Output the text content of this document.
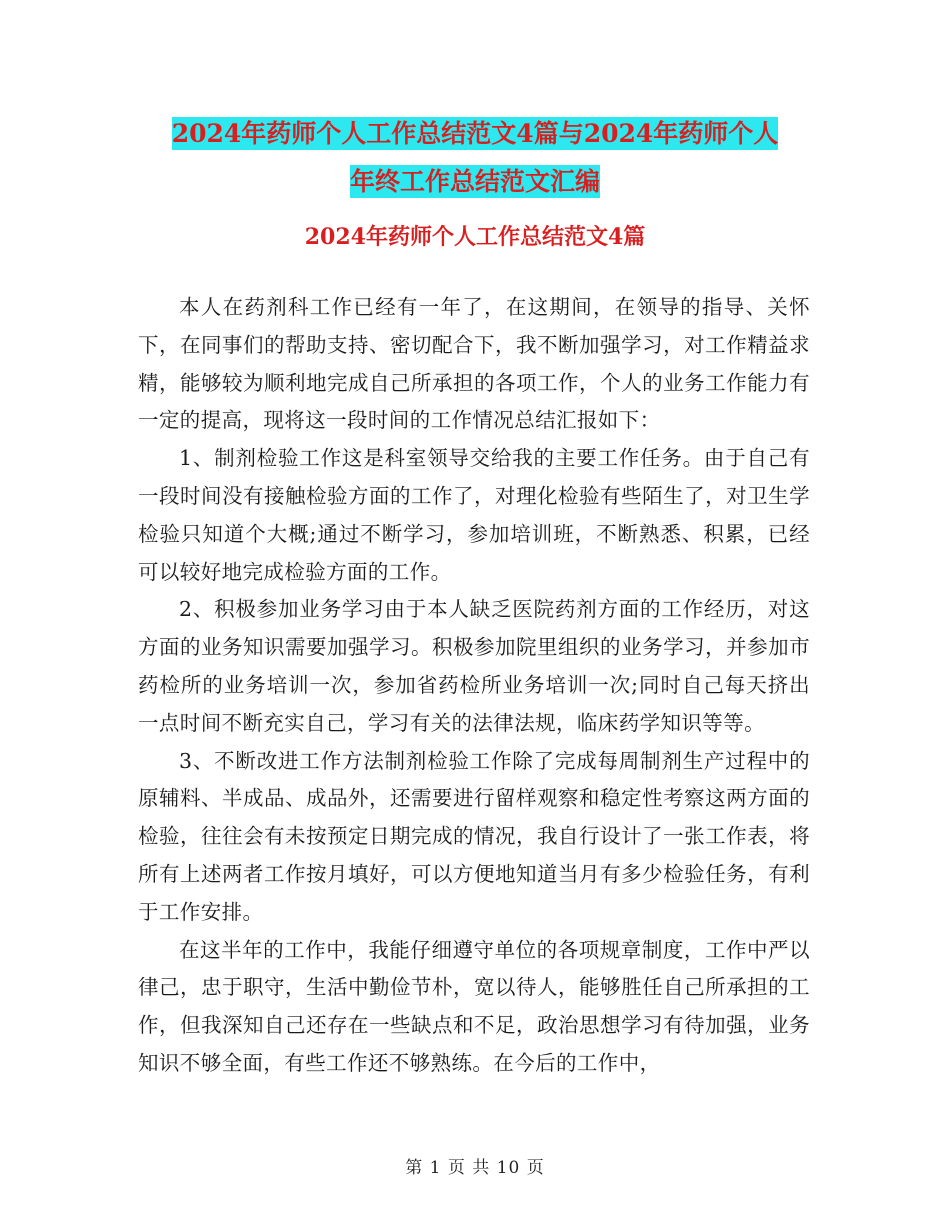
2024年药师个人工作总结范文4篇与2024年药师个人
年终工作总结范文汇编
2024年药师个人工作总结范文4篇

本人在药剂科工作已经有一年了，在这期间，在领导的指导、关怀下，在同事们的帮助支持、密切配合下，我不断加强学习，对工作精益求精，能够较为顺利地完成自己所承担的各项工作，个人的业务工作能力有一定的提高，现将这一段时间的工作情况总结汇报如下：

1、制剂检验工作这是科室领导交给我的主要工作任务。由于自己有一段时间没有接触检验方面的工作了，对理化检验有些陌生了，对卫生学检验只知道个大概;通过不断学习，参加培训班，不断熟悉、积累，已经可以较好地完成检验方面的工作。

2、积极参加业务学习由于本人缺乏医院药剂方面的工作经历，对这方面的业务知识需要加强学习。积极参加院里组织的业务学习，并参加市药检所的业务培训一次，参加省药检所业务培训一次;同时自己每天挤出一点时间不断充实自己，学习有关的法律法规，临床药学知识等等。

3、不断改进工作方法制剂检验工作除了完成每周制剂生产过程中的原辅料、半成品、成品外，还需要进行留样观察和稳定性考察这两方面的检验，往往会有未按预定日期完成的情况，我自行设计了一张工作表，将所有上述两者工作按月填好，可以方便地知道当月有多少检验任务，有利于工作安排。

在这半年的工作中，我能仔细遵守单位的各项规章制度，工作中严以律己，忠于职守，生活中勤俭节朴，宽以待人，能够胜任自己所承担的工作，但我深知自己还存在一些缺点和不足，政治思想学习有待加强，业务知识不够全面，有些工作还不够熟练。在今后的工作中，

第 1 页 共 10 页
